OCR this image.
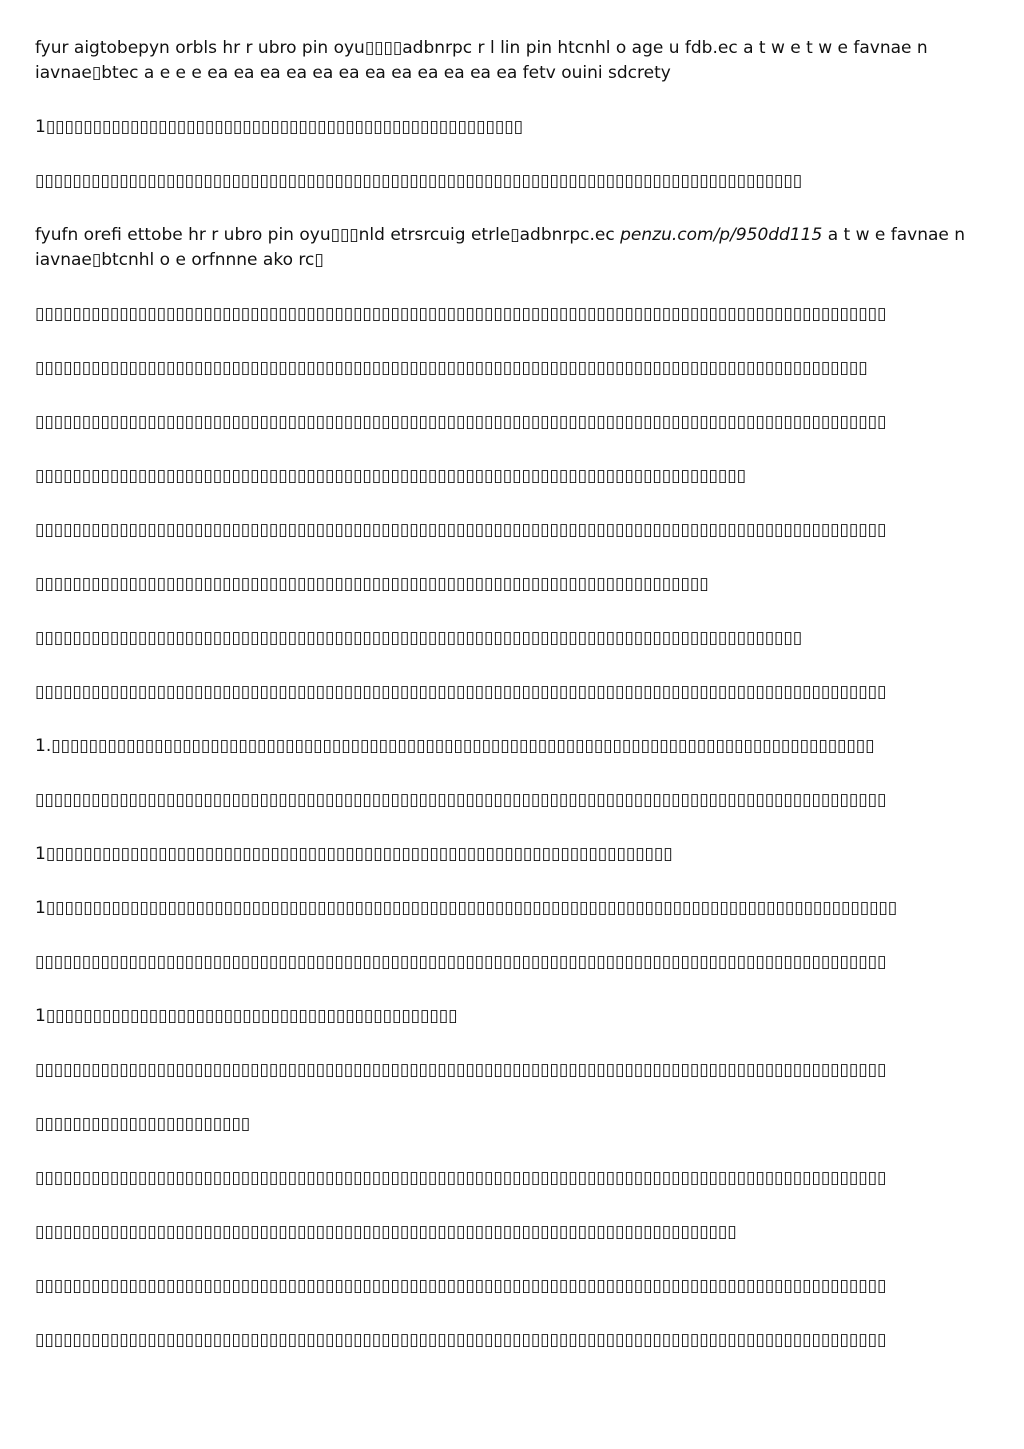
fyur aigtobepyn orbls hr r ubro pin oyu▯▯▯▯adbnrpc r l lin pin htcnhl o age u fdb.ec a t w e t w e favnae n iavnae▯btec a e e e ea ea ea ea ea ea ea ea ea ea ea ea fetv ouini sdcrety

1▯▯▯▯▯▯▯▯▯▯▯▯▯▯▯▯▯▯▯▯▯▯▯▯▯▯▯▯▯▯▯▯▯▯▯▯▯▯▯▯▯▯▯▯▯▯▯▯▯▯▯
▯▯▯▯▯▯▯▯▯▯▯▯▯▯▯▯▯▯▯▯▯▯▯▯▯▯▯▯▯▯▯▯▯▯▯▯▯▯▯▯▯▯▯▯▯▯▯▯▯▯▯▯▯▯▯▯▯▯▯▯▯▯▯▯▯▯▯▯▯▯▯▯▯▯▯▯▯▯▯▯▯▯

fyufn orefi ettobe hr r ubro pin oyu▯▯▯nld etrsrcuig etrle▯adbnrpc.ec penzu.com/p/950dd115 a t w e favnae n iavnae▯btcnhl o e orfnnne ako rc▯

▯▯▯▯▯▯▯▯▯▯▯▯▯▯▯▯▯▯▯▯▯▯▯▯▯▯▯▯▯▯▯▯▯▯▯▯▯▯▯▯▯▯▯▯▯▯▯▯▯▯▯▯▯▯▯▯▯▯▯▯▯▯▯▯▯▯▯▯▯▯▯▯▯▯▯▯▯▯▯▯▯▯▯▯▯▯▯▯▯▯▯
▯▯▯▯▯▯▯▯▯▯▯▯▯▯▯▯▯▯▯▯▯▯▯▯▯▯▯▯▯▯▯▯▯▯▯▯▯▯▯▯▯▯▯▯▯▯▯▯▯▯▯▯▯▯▯▯▯▯▯▯▯▯▯▯▯▯▯▯▯▯▯▯▯▯▯▯▯▯▯▯▯▯▯▯▯▯▯▯▯
▯▯▯▯▯▯▯▯▯▯▯▯▯▯▯▯▯▯▯▯▯▯▯▯▯▯▯▯▯▯▯▯▯▯▯▯▯▯▯▯▯▯▯▯▯▯▯▯▯▯▯▯▯▯▯▯▯▯▯▯▯▯▯▯▯▯▯▯▯▯▯▯▯▯▯▯▯▯▯▯▯▯▯▯▯▯▯▯▯▯▯
▯▯▯▯▯▯▯▯▯▯▯▯▯▯▯▯▯▯▯▯▯▯▯▯▯▯▯▯▯▯▯▯▯▯▯▯▯▯▯▯▯▯▯▯▯▯▯▯▯▯▯▯▯▯▯▯▯▯▯▯▯▯▯▯▯▯▯▯▯▯▯▯▯▯▯▯
▯▯▯▯▯▯▯▯▯▯▯▯▯▯▯▯▯▯▯▯▯▯▯▯▯▯▯▯▯▯▯▯▯▯▯▯▯▯▯▯▯▯▯▯▯▯▯▯▯▯▯▯▯▯▯▯▯▯▯▯▯▯▯▯▯▯▯▯▯▯▯▯▯▯▯▯▯▯▯▯▯▯▯▯▯▯▯▯▯▯▯
▯▯▯▯▯▯▯▯▯▯▯▯▯▯▯▯▯▯▯▯▯▯▯▯▯▯▯▯▯▯▯▯▯▯▯▯▯▯▯▯▯▯▯▯▯▯▯▯▯▯▯▯▯▯▯▯▯▯▯▯▯▯▯▯▯▯▯▯▯▯▯▯
▯▯▯▯▯▯▯▯▯▯▯▯▯▯▯▯▯▯▯▯▯▯▯▯▯▯▯▯▯▯▯▯▯▯▯▯▯▯▯▯▯▯▯▯▯▯▯▯▯▯▯▯▯▯▯▯▯▯▯▯▯▯▯▯▯▯▯▯▯▯▯▯▯▯▯▯▯▯▯▯▯▯
▯▯▯▯▯▯▯▯▯▯▯▯▯▯▯▯▯▯▯▯▯▯▯▯▯▯▯▯▯▯▯▯▯▯▯▯▯▯▯▯▯▯▯▯▯▯▯▯▯▯▯▯▯▯▯▯▯▯▯▯▯▯▯▯▯▯▯▯▯▯▯▯▯▯▯▯▯▯▯▯▯▯▯▯▯▯▯▯▯▯▯
1.▯▯▯▯▯▯▯▯▯▯▯▯▯▯▯▯▯▯▯▯▯▯▯▯▯▯▯▯▯▯▯▯▯▯▯▯▯▯▯▯▯▯▯▯▯▯▯▯▯▯▯▯▯▯▯▯▯▯▯▯▯▯▯▯▯▯▯▯▯▯▯▯▯▯▯▯▯▯▯▯▯▯▯▯▯▯▯▯
▯▯▯▯▯▯▯▯▯▯▯▯▯▯▯▯▯▯▯▯▯▯▯▯▯▯▯▯▯▯▯▯▯▯▯▯▯▯▯▯▯▯▯▯▯▯▯▯▯▯▯▯▯▯▯▯▯▯▯▯▯▯▯▯▯▯▯▯▯▯▯▯▯▯▯▯▯▯▯▯▯▯▯▯▯▯▯▯▯▯▯
1▯▯▯▯▯▯▯▯▯▯▯▯▯▯▯▯▯▯▯▯▯▯▯▯▯▯▯▯▯▯▯▯▯▯▯▯▯▯▯▯▯▯▯▯▯▯▯▯▯▯▯▯▯▯▯▯▯▯▯▯▯▯▯▯▯▯▯
1▯▯▯▯▯▯▯▯▯▯▯▯▯▯▯▯▯▯▯▯▯▯▯▯▯▯▯▯▯▯▯▯▯▯▯▯▯▯▯▯▯▯▯▯▯▯▯▯▯▯▯▯▯▯▯▯▯▯▯▯▯▯▯▯▯▯▯▯▯▯▯▯▯▯▯▯▯▯▯▯▯▯▯▯▯▯▯▯▯▯▯
▯▯▯▯▯▯▯▯▯▯▯▯▯▯▯▯▯▯▯▯▯▯▯▯▯▯▯▯▯▯▯▯▯▯▯▯▯▯▯▯▯▯▯▯▯▯▯▯▯▯▯▯▯▯▯▯▯▯▯▯▯▯▯▯▯▯▯▯▯▯▯▯▯▯▯▯▯▯▯▯▯▯▯▯▯▯▯▯▯▯▯
1▯▯▯▯▯▯▯▯▯▯▯▯▯▯▯▯▯▯▯▯▯▯▯▯▯▯▯▯▯▯▯▯▯▯▯▯▯▯▯▯▯▯▯▯
▯▯▯▯▯▯▯▯▯▯▯▯▯▯▯▯▯▯▯▯▯▯▯▯▯▯▯▯▯▯▯▯▯▯▯▯▯▯▯▯▯▯▯▯▯▯▯▯▯▯▯▯▯▯▯▯▯▯▯▯▯▯▯▯▯▯▯▯▯▯▯▯▯▯▯▯▯▯▯▯▯▯▯▯▯▯▯▯▯▯▯
▯▯▯▯▯▯▯▯▯▯▯▯▯▯▯▯▯▯▯▯▯▯▯
▯▯▯▯▯▯▯▯▯▯▯▯▯▯▯▯▯▯▯▯▯▯▯▯▯▯▯▯▯▯▯▯▯▯▯▯▯▯▯▯▯▯▯▯▯▯▯▯▯▯▯▯▯▯▯▯▯▯▯▯▯▯▯▯▯▯▯▯▯▯▯▯▯▯▯▯▯▯▯▯▯▯▯▯▯▯▯▯▯▯▯
▯▯▯▯▯▯▯▯▯▯▯▯▯▯▯▯▯▯▯▯▯▯▯▯▯▯▯▯▯▯▯▯▯▯▯▯▯▯▯▯▯▯▯▯▯▯▯▯▯▯▯▯▯▯▯▯▯▯▯▯▯▯▯▯▯▯▯▯▯▯▯▯▯▯▯
▯▯▯▯▯▯▯▯▯▯▯▯▯▯▯▯▯▯▯▯▯▯▯▯▯▯▯▯▯▯▯▯▯▯▯▯▯▯▯▯▯▯▯▯▯▯▯▯▯▯▯▯▯▯▯▯▯▯▯▯▯▯▯▯▯▯▯▯▯▯▯▯▯▯▯▯▯▯▯▯▯▯▯▯▯▯▯▯▯▯▯
▯▯▯▯▯▯▯▯▯▯▯▯▯▯▯▯▯▯▯▯▯▯▯▯▯▯▯▯▯▯▯▯▯▯▯▯▯▯▯▯▯▯▯▯▯▯▯▯▯▯▯▯▯▯▯▯▯▯▯▯▯▯▯▯▯▯▯▯▯▯▯▯▯▯▯▯▯▯▯▯▯▯▯▯▯▯▯▯▯▯▯
